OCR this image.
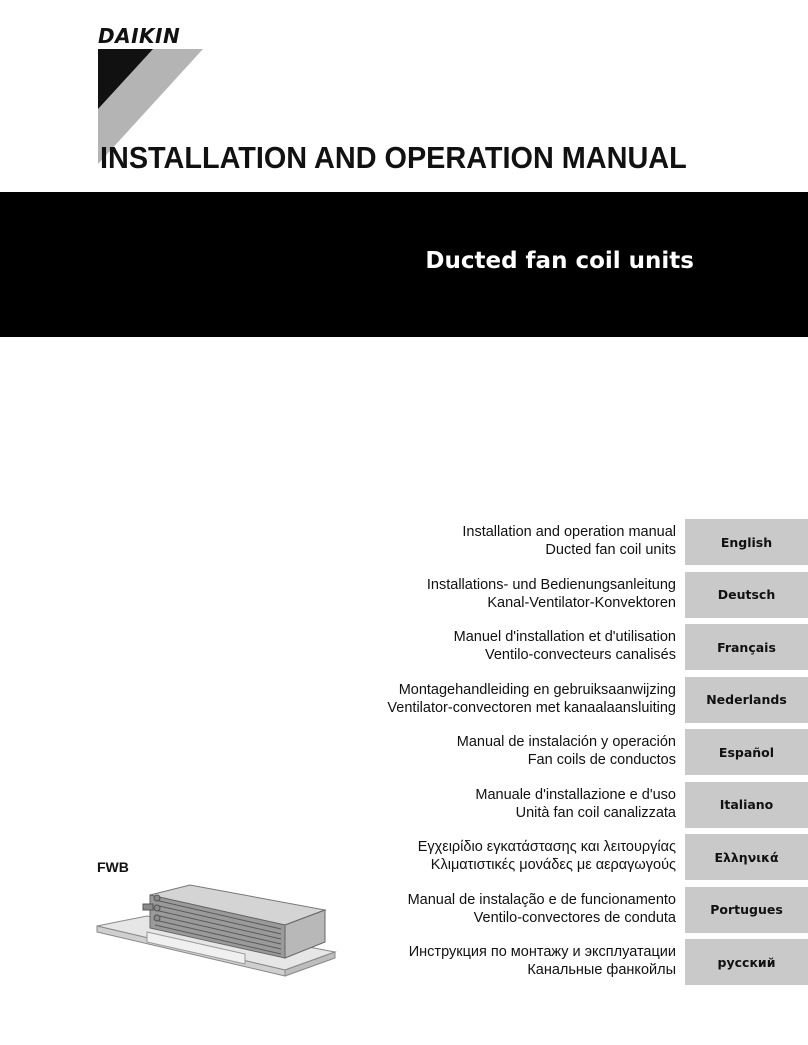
DAIKIN
INSTALLATION AND OPERATION MANUAL
Ducted fan coil units
Installation and operation manual
Ducted fan coil units	English
Installations- und Bedienungsanleitung
Kanal-Ventilator-Konvektoren	Deutsch
Manuel d'installation et d'utilisation
Ventilo-convecteurs canalisés	Français
Montagehandleiding en gebruiksaanwijzing
Ventilator-convectoren met kanaalaansluiting	Nederlands
Manual de instalación y operación
Fan coils de conductos	Español
Manuale d'installazione e d'uso
Unità fan coil canalizzata	Italiano
Εγχειρίδιο εγκατάστασης και λειτουργίας
Κλιματιστικές μονάδες με αεραγωγούς	Ελληνικά
Manual de instalação e de funcionamento
Ventilo-convectores de conduta	Portugues
Инструкция по монтажу и эксплуатации
Канальные фанкойлы	русский
FWB
